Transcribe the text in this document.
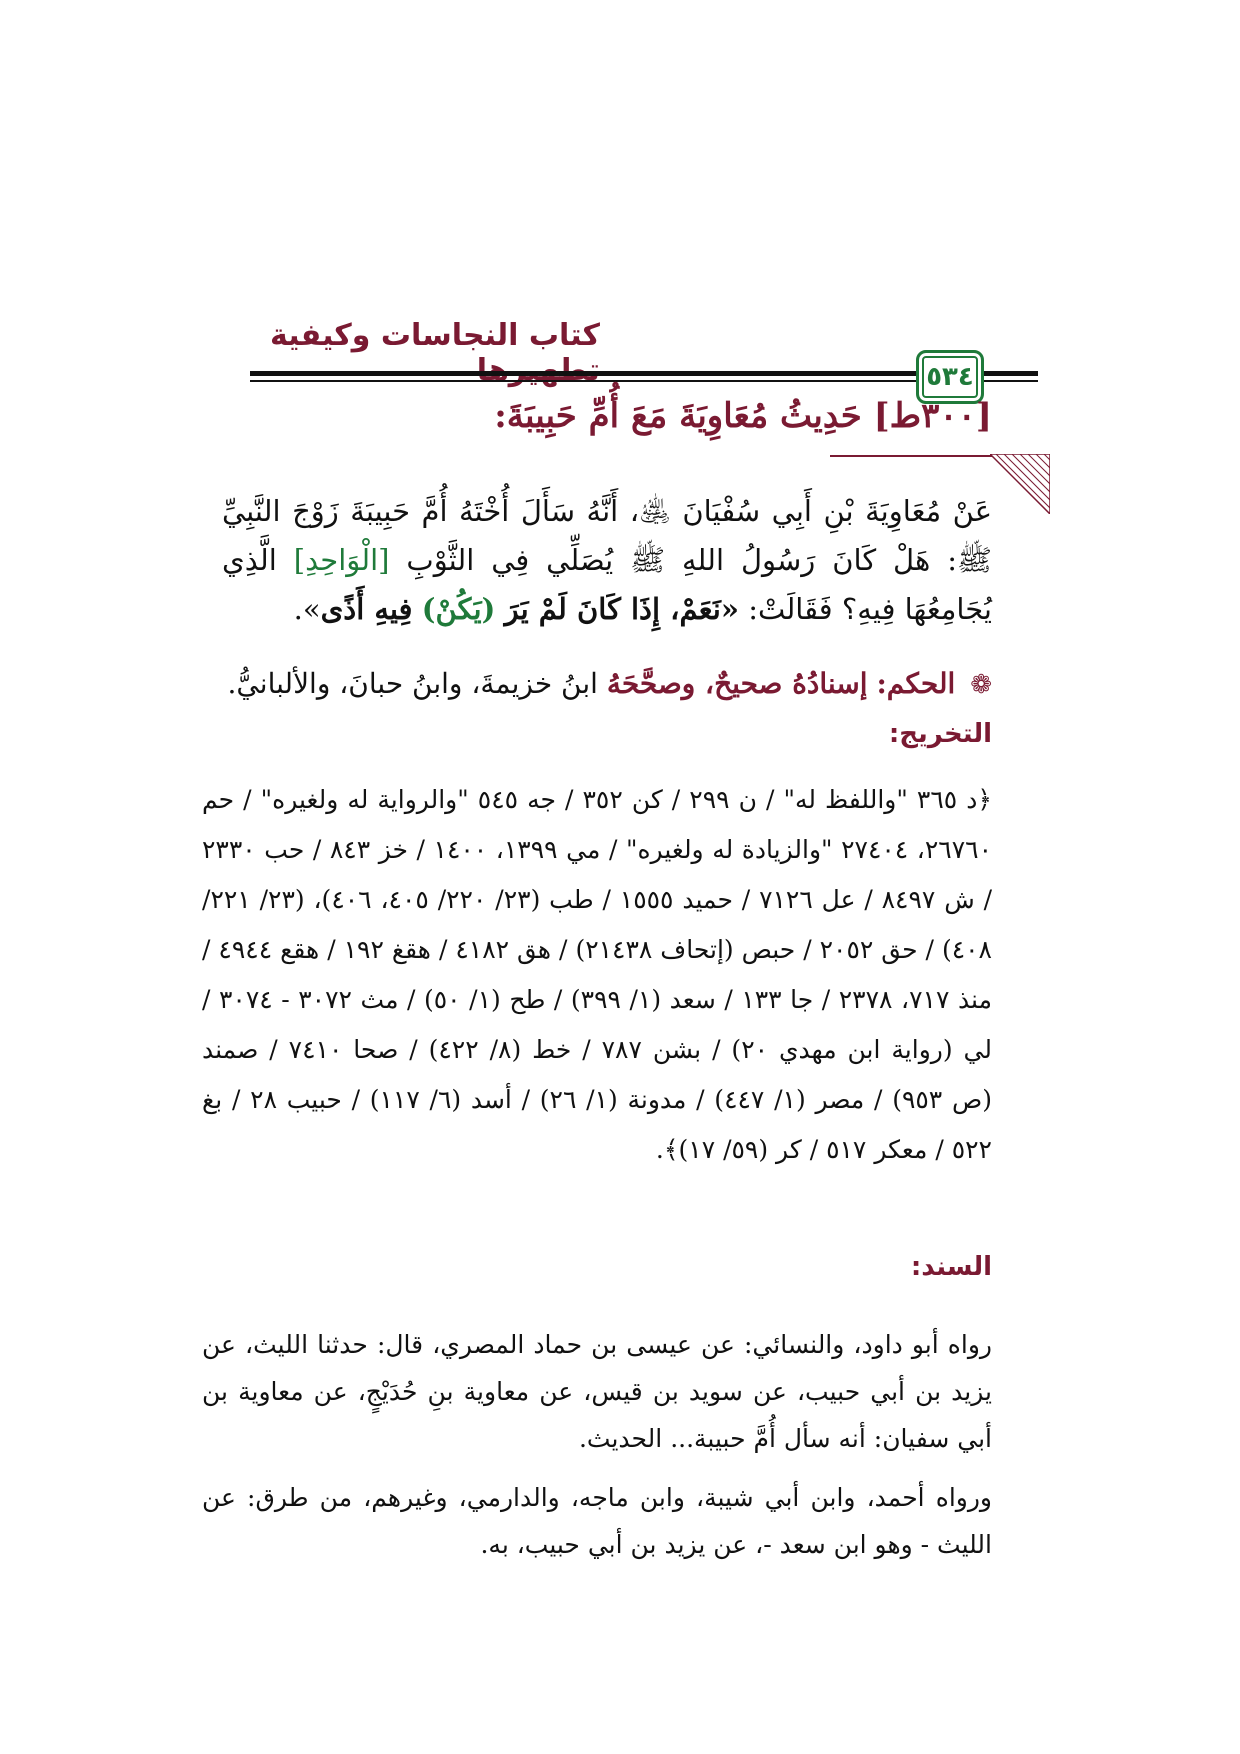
كتاب النجاسات وكيفية
٥٣٤
[٣٠٠ط] حَدِيثُ مُعَاوِيَةَ مَعَ أُمِّ حَبِيبَةَ:
عَنْ مُعَاوِيَةَ بْنِ أَبِي سُفْيَانَ ﵁، أَنَّهُ سَأَلَ أُخْتَهُ أُمَّ حَبِيبَةَ زَوْجَ النَّبِيِّ ﷺ: هَلْ كَانَ رَسُولُ اللهِ ﷺ يُصَلِّي فِي الثَّوْبِ [الْوَاحِدِ] الَّذِي يُجَامِعُهَا فِيهِ؟ فَقَالَتْ: «نَعَمْ، إِذَا كَانَ لَمْ يَرَ (يَكُنْ) فِيهِ أَذًى».
❁ الحكم: إسنادُهُ صحيحٌ، وصحَّحَهُ ابنُ خزيمةَ، وابنُ حبانَ، والألبانيُّ.
التخريج:
﴿د ٣٦٥ "واللفظ له" / ن ٢٩٩ / كن ٣٥٢ / جه ٥٤٥ "والرواية له ولغيره" / حم ٢٦٧٦٠، ٢٧٤٠٤ "والزيادة له ولغيره" / مي ١٣٩٩، ١٤٠٠ / خز ٨٤٣ / حب ٢٣٣٠ / ش ٨٤٩٧ / عل ٧١٢٦ / حميد ١٥٥٥ / طب (٢٣/ ٢٢٠/ ٤٠٥، ٤٠٦)، (٢٣/ ٢٢١/ ٤٠٨) / حق ٢٠٥٢ / حبص (إتحاف ٢١٤٣٨) / هق ٤١٨٢ / هقغ ١٩٢ / هقع ٤٩٤٤ / منذ ٧١٧، ٢٣٧٨ / جا ١٣٣ / سعد (١/ ٣٩٩) / طح (١/ ٥٠) / مث ٣٠٧٢ - ٣٠٧٤ / لي (رواية ابن مهدي ٢٠) / بشن ٧٨٧ / خط (٨/ ٤٢٢) / صحا ٧٤١٠ / صمند (ص ٩٥٣) / مصر (١/ ٤٤٧) / مدونة (١/ ٢٦) / أسد (٦/ ١١٧) / حبيب ٢٨ / بغ ٥٢٢ / معكر ٥١٧ / كر (٥٩/ ١٧)﴾.
السند:
رواه أبو داود، والنسائي: عن عيسى بن حماد المصري، قال: حدثنا الليث، عن يزيد بن أبي حبيب، عن سويد بن قيس، عن معاوية بنِ حُدَيْجٍ، عن معاوية بن أبي سفيان: أنه سأل أُمَّ حبيبة... الحديث.
ورواه أحمد، وابن أبي شيبة، وابن ماجه، والدارمي، وغيرهم، من طرق: عن الليث - وهو ابن سعد -، عن يزيد بن أبي حبيب، به.
